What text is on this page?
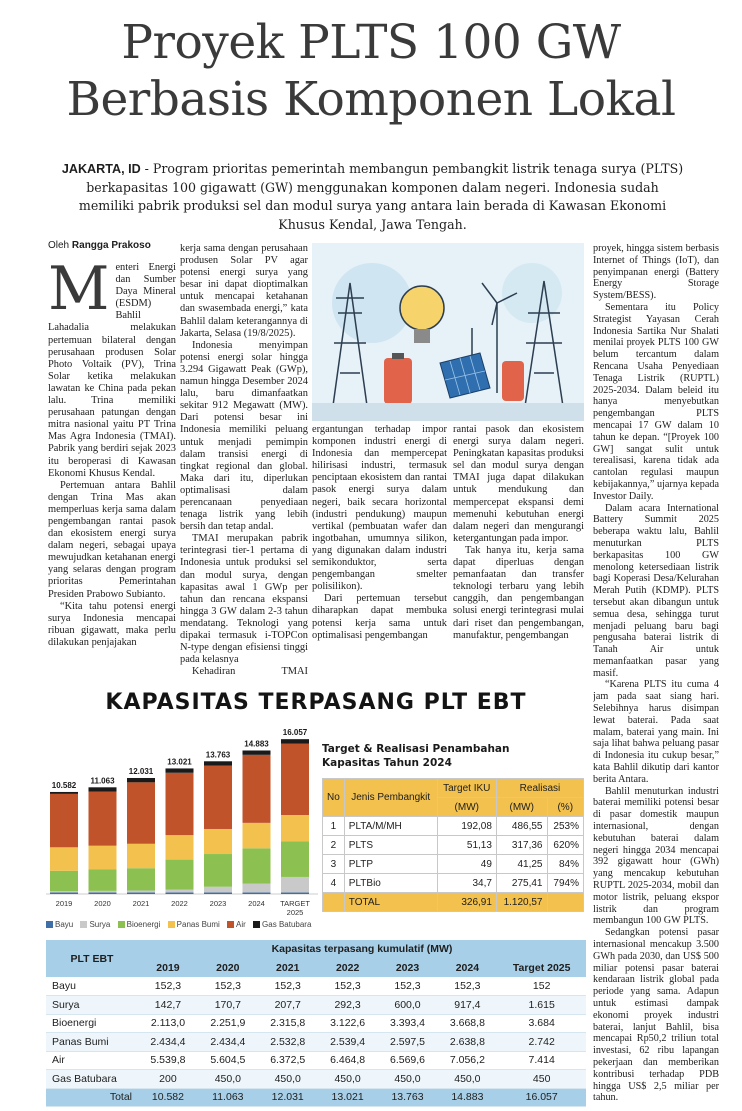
Proyek PLTS 100 GW
Berbasis Komponen Lokal
JAKARTA, ID - Program prioritas pemerintah membangun pembangkit listrik tenaga surya (PLTS) berkapasitas 100 gigawatt (GW) menggunakan komponen dalam negeri. Indonesia sudah memiliki pabrik produksi sel dan modul surya yang antara lain berada di Kawasan Ekonomi Khusus Kendal, Jawa Tengah.
Oleh Rangga Prakoso

Menteri Energi dan Sumber Daya Mineral (ESDM) Bahlil Lahadalia melakukan pertemuan bilateral dengan perusahaan produsen Solar Photo Voltaik (PV), Trina Solar ketika melakukan lawatan ke China pada pekan lalu. Trina memiliki perusahaan patungan dengan mitra nasional yaitu PT Trina Mas Agra Indonesia (TMAI). Pabrik yang berdiri sejak 2023 itu beroperasi di Kawasan Ekonomi Khusus Kendal.

Pertemuan antara Bahlil dengan Trina Mas akan memperluas kerja sama dalam pengembangan rantai pasok dan ekosistem energi surya dalam negeri, sebagai upaya mewujudkan ketahanan energi yang selaras dengan program prioritas Pemerintahan Presiden Prabowo Subianto.

“Kita tahu potensi energi surya Indonesia mencapai ribuan gigawatt, maka perlu dilakukan penjajakan

kerja sama dengan perusahaan produsen Solar PV agar potensi energi surya yang besar ini dapat dioptimalkan untuk mencapai ketahanan dan swasembada energi,” kata Bahlil dalam keterangannya di Jakarta, Selasa (19/8/2025).

Indonesia menyimpan potensi energi solar hingga 3.294 Gigawatt Peak (GWp), namun hingga Desember 2024 lalu, baru dimanfaatkan sekitar 912 Megawatt (MW). Dari potensi besar ini Indonesia memiliki peluang untuk menjadi pemimpin dalam transisi energi di tingkat regional dan global. Maka dari itu, diperlukan optimalisasi dalam perencanaan penyediaan tenaga listrik yang lebih bersih dan tetap andal.

TMAI merupakan pabrik terintegrasi tier-1 pertama di Indonesia untuk produksi sel dan modul surya, dengan kapasitas awal 1 GWp per tahun dan rencana ekspansi hingga 3 GW dalam 2-3 tahun mendatang. Teknologi yang dipakai termasuk i-TOPCon N-type dengan efisiensi tinggi pada kelasnya

Kehadiran TMAI

ergantungan terhadap impor komponen industri energi di Indonesia dan mempercepat hilirisasi industri, termasuk penciptaan ekosistem dan rantai pasok energi surya dalam negeri, baik secara horizontal (industri pendukung) maupun vertikal (pembuatan wafer dan ingotbahan, umumnya silikon, yang digunakan dalam industri semikonduktor, serta pengembangan smelter polisilikon).

Dari pertemuan tersebut diharapkan dapat membuka potensi kerja sama untuk optimalisasi pengembangan

rantai pasok dan ekosistem energi surya dalam negeri. Peningkatan kapasitas produksi sel dan modul surya dengan TMAI juga dapat dilakukan untuk mendukung dan mempercepat ekspansi demi memenuhi kebutuhan energi dalam negeri dan mengurangi ketergantungan pada impor.

Tak hanya itu, kerja sama dapat diperluas dengan pemanfaatan dan transfer teknologi terbaru yang lebih canggih, dan pengembangan solusi energi terintegrasi mulai dari riset dan pengembangan, manufaktur, pengembangan

proyek, hingga sistem berbasis Internet of Things (IoT), dan penyimpanan energi (Battery Energy Storage System/BESS).

Sementara itu Policy Strategist Yayasan Cerah Indonesia Sartika Nur Shalati menilai proyek PLTS 100 GW belum tercantum dalam Rencana Usaha Penyediaan Tenaga Listrik (RUPTL) 2025-2034. Dalam beleid itu hanya menyebutkan pengembangan PLTS mencapai 17 GW dalam 10 tahun ke depan. “[Proyek 100 GW] sangat sulit untuk terealisasi, karena tidak ada cantolan regulasi maupun kebijakannya,” ujarnya kepada Investor Daily.

Dalam acara International Battery Summit 2025 beberapa waktu lalu, Bahlil menuturkan PLTS berkapasitas 100 GW menolong ketersediaan listrik bagi Koperasi Desa/Kelurahan Merah Putih (KDMP). PLTS tersebut akan dibangun untuk semua desa, sehingga turut menjadi peluang baru bagi pengusaha baterai listrik di Tanah Air untuk memanfaatkan pasar yang masif.

“Karena PLTS itu cuma 4 jam pada saat siang hari. Selebihnya harus disimpan lewat baterai. Pada saat malam, baterai yang main. Ini saja lihat bahwa peluang pasar di Indonesia itu cukup besar,” kata Bahlil dikutip dari kantor berita Antara.

Bahlil menuturkan industri baterai memiliki potensi besar di pasar domestik maupun internasional, dengan kebutuhan baterai dalam negeri hingga 2034 mencapai 392 gigawatt hour (GWh) yang mencakup kebutuhan RUPTL 2025-2034, mobil dan motor listrik, peluang ekspor listrik dan program membangun 100 GW PLTS.

Sedangkan potensi pasar internasional mencakup 3.500 GWh pada 2030, dan US$ 500 miliar potensi pasar baterai kendaraan listrik global pada periode yang sama. Adapun untuk estimasi dampak ekonomi proyek industri baterai, lanjut Bahlil, bisa mencapai Rp50,2 triliun total investasi, 62 ribu lapangan pekerjaan dan memberikan kontribusi terhadap PDB hingga US$ 2,5 miliar per tahun.

KAPASITAS TERPASANG PLT EBT
10.582
2019
11.063
2020
12.031
2021
13.021
2022
13.763
2023
14.883
2024
16.057
TARGET
2025
Bayu Surya Bioenergi Panas Bumi Air Gas Batubara
Target & Realisasi Penambahan
Kapasitas Tahun 2024
No	Jenis Pembangkit	Target IKU	Realisasi	
		(MW)	(MW)	(%)
1	PLTA/M/MH	192,08	486,55	253%
2	PLTS	51,13	317,36	620%
3	PLTP	49	41,25	84%
4	PLTBio	34,7	275,41	794%
	TOTAL	326,91	1.120,57	
PLT EBT	Kapasitas terpasang kumulatif (MW)						
	2019	2020	2021	2022	2023	2024	Target 2025
Bayu	152,3	152,3	152,3	152,3	152,3	152,3	152
Surya	142,7	170,7	207,7	292,3	600,0	917,4	1.615
Bioenergi	2.113,0	2.251,9	2.315,8	3.122,6	3.393,4	3.668,8	3.684
Panas Bumi	2.434,4	2.434,4	2.532,8	2.539,4	2.597,5	2.638,8	2.742
Air	5.539,8	5.604,5	6.372,5	6.464,8	6.569,6	7.056,2	7.414
Gas Batubara	200	450,0	450,0	450,0	450,0	450,0	450
Total	10.582	11.063	12.031	13.021	13.763	14.883	16.057
